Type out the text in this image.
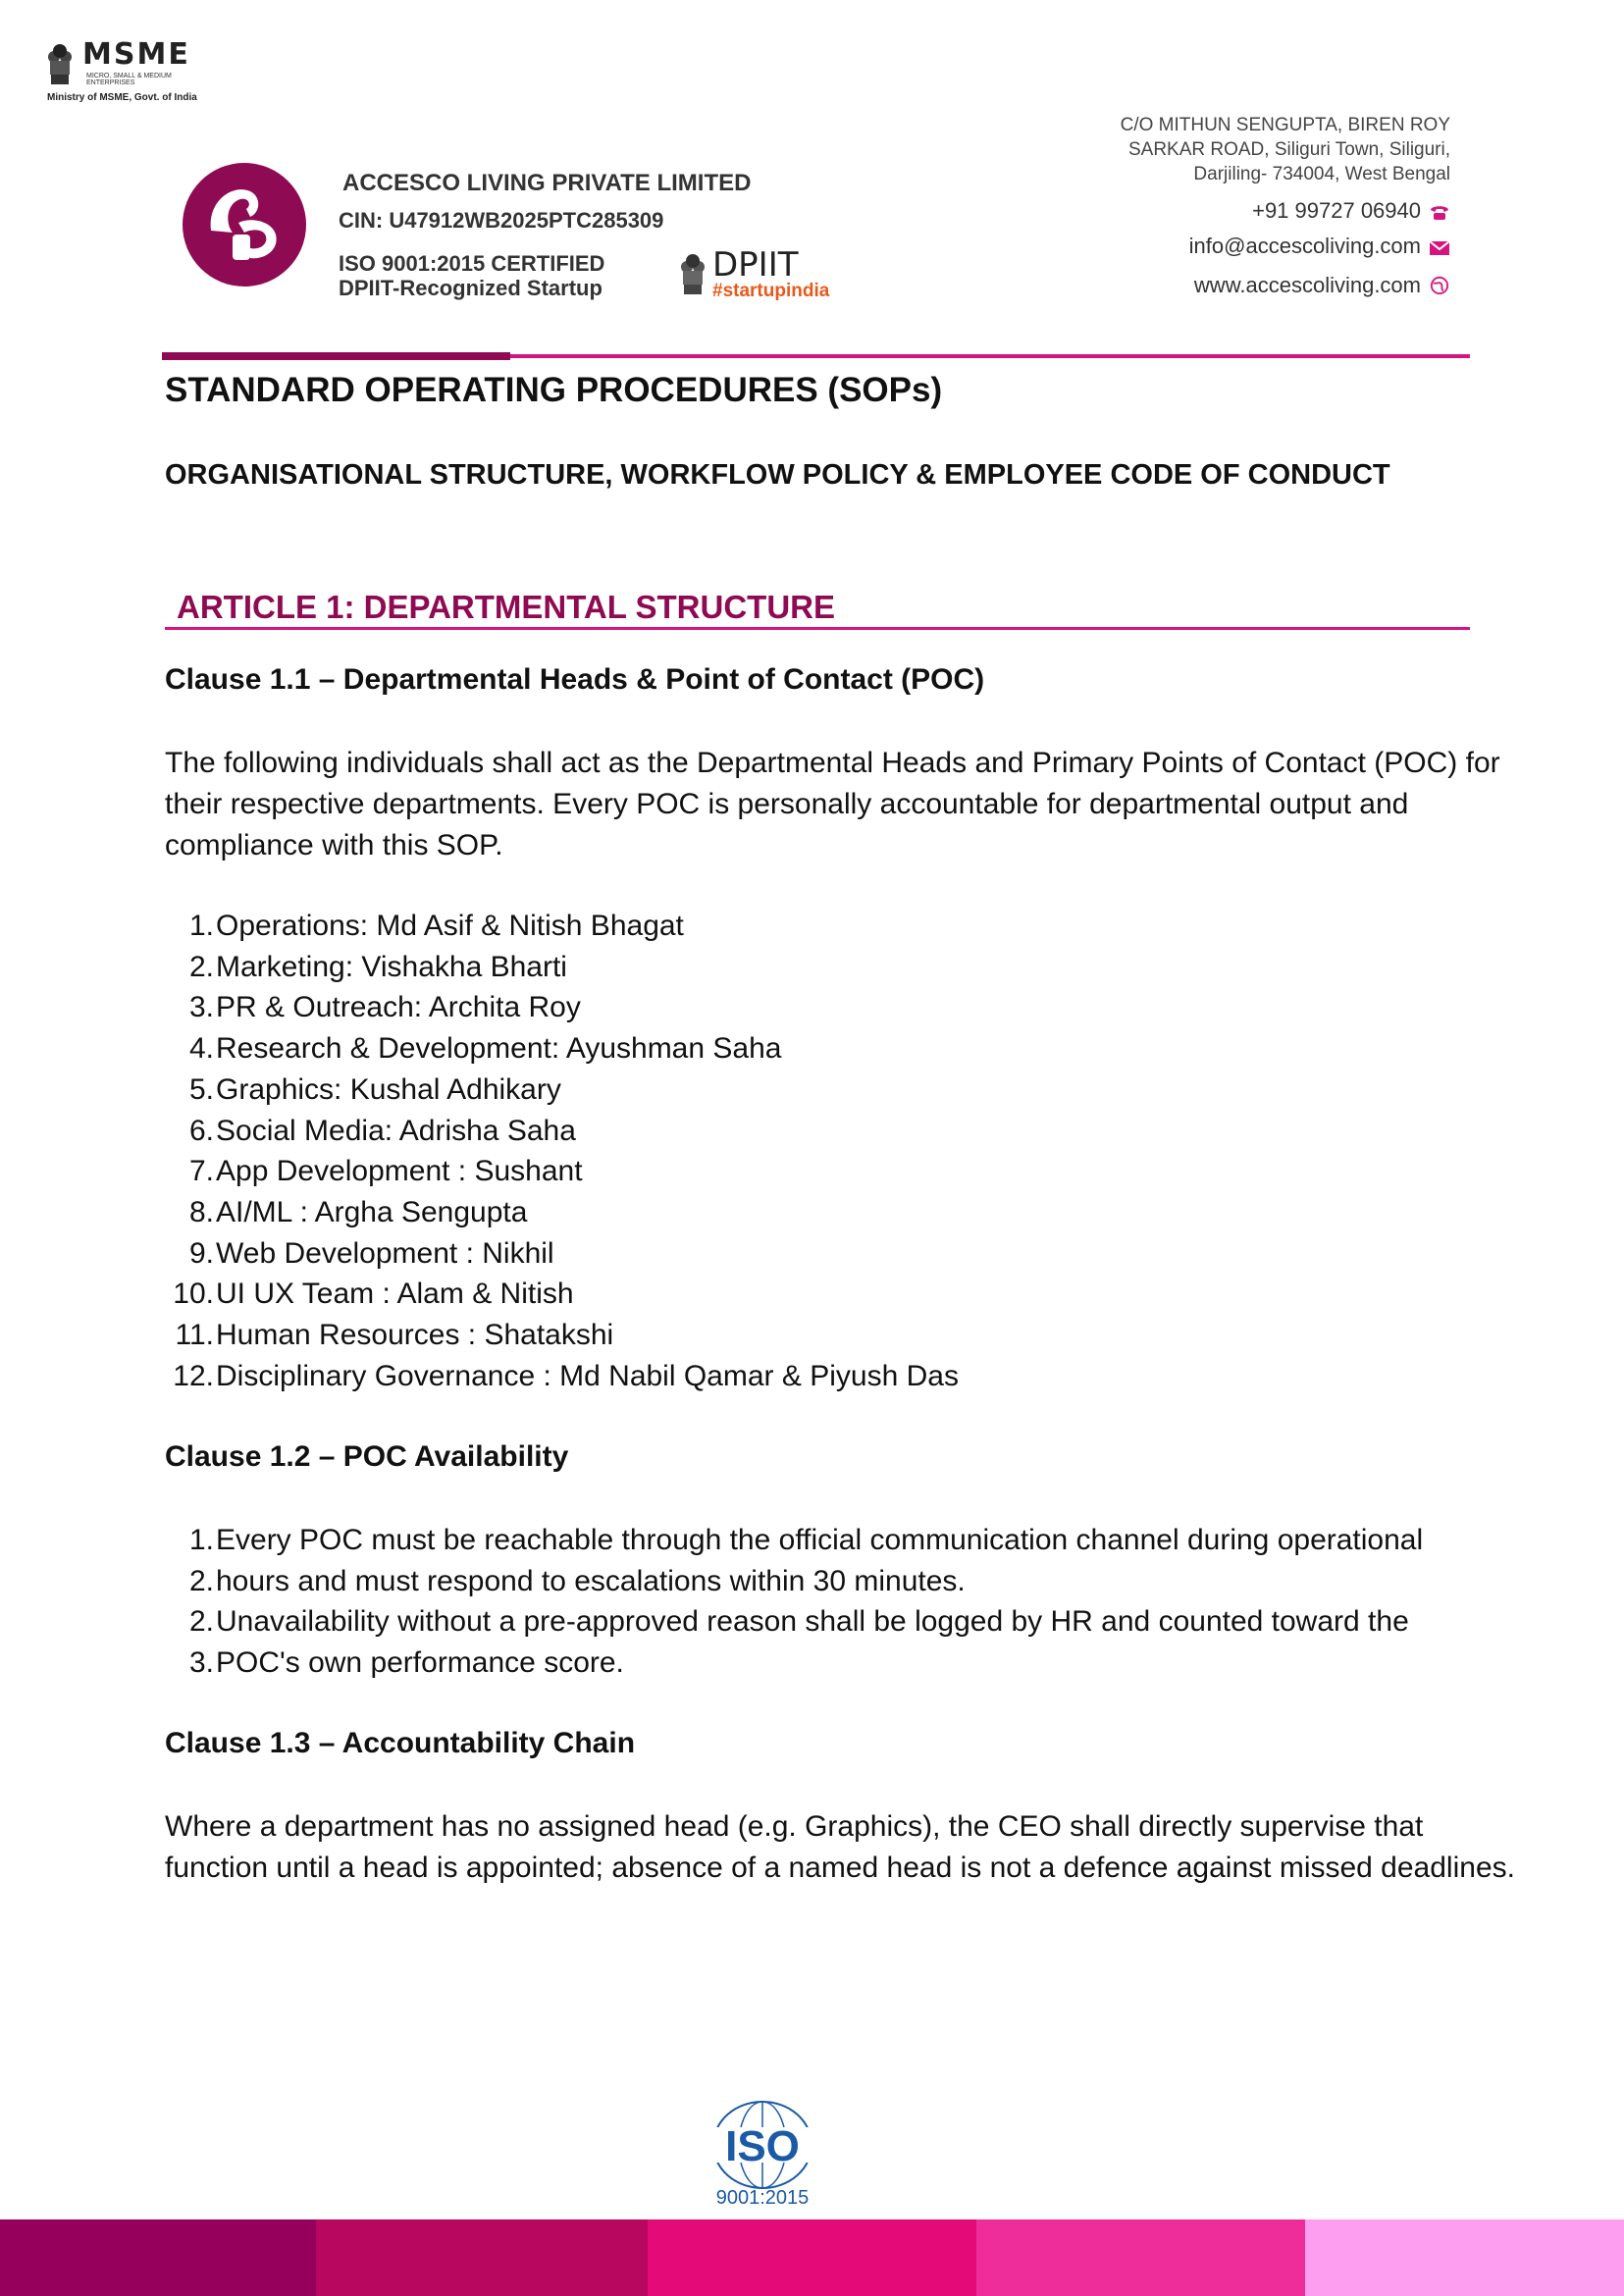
MSME
MICRO, SMALL & MEDIUM ENTERPRISES
Ministry of MSME, Govt. of India
ACCESCO LIVING PRIVATE LIMITED
CIN: U47912WB2025PTC285309
ISO 9001:2015 CERTIFIED
DPIIT-Recognized Startup
DPIIT
#startupindia
C/O MITHUN SENGUPTA, BIREN ROY
SARKAR ROAD, Siliguri Town, Siliguri,
Darjiling- 734004, West Bengal
+91 99727 06940
info@accescoliving.com
www.accescoliving.com
STANDARD OPERATING PROCEDURES (SOPs)
ORGANISATIONAL STRUCTURE, WORKFLOW POLICY & EMPLOYEE CODE OF CONDUCT
ARTICLE 1: DEPARTMENTAL STRUCTURE
Clause 1.1 – Departmental Heads & Point of Contact (POC)
The following individuals shall act as the Departmental Heads and Primary Points of Contact (POC) for their respective departments. Every POC is personally accountable for departmental output and compliance with this SOP.
1. Operations: Md Asif & Nitish Bhagat
2. Marketing: Vishakha Bharti
3. PR & Outreach: Archita Roy
4. Research & Development: Ayushman Saha
5. Graphics: Kushal Adhikary
6. Social Media: Adrisha Saha
7. App Development : Sushant
8. AI/ML : Argha Sengupta
9. Web Development : Nikhil
10. UI UX Team : Alam & Nitish
11. Human Resources : Shatakshi
12. Disciplinary Governance : Md Nabil Qamar & Piyush Das
Clause 1.2 – POC Availability
1. Every POC must be reachable through the official communication channel during operational
2. hours and must respond to escalations within 30 minutes.
2. Unavailability without a pre-approved reason shall be logged by HR and counted toward the
3. POC's own performance score.
Clause 1.3 – Accountability Chain
Where a department has no assigned head (e.g. Graphics), the CEO shall directly supervise that function until a head is appointed; absence of a named head is not a defence against missed deadlines.
ISO
9001:2015
